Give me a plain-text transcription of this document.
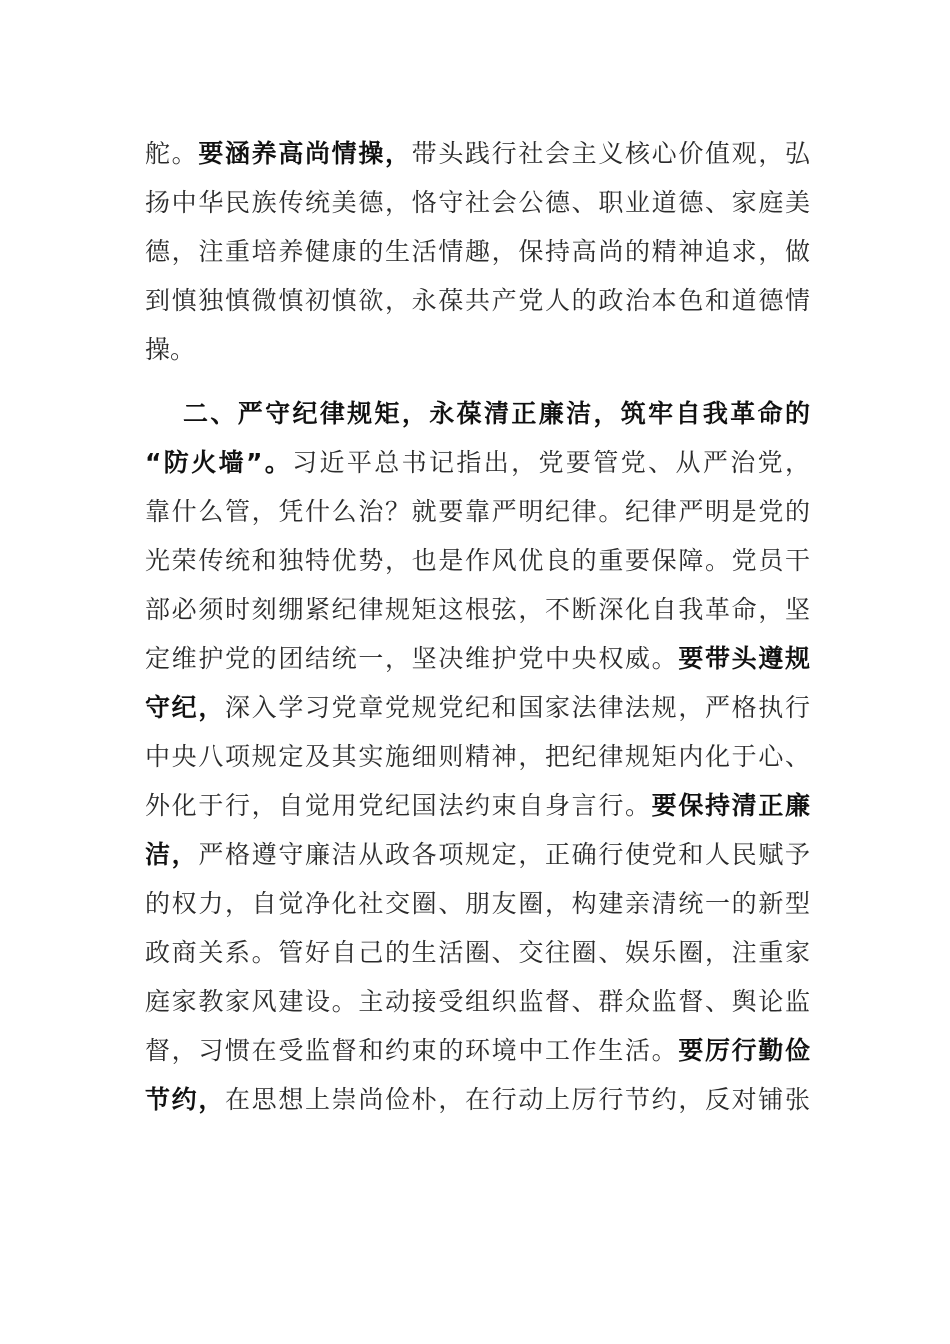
舵。要涵养高尚情操，带头践行社会主义核心价值观，弘
扬中华民族传统美德，恪守社会公德、职业道德、家庭美
德，注重培养健康的生活情趣，保持高尚的精神追求，做
到慎独慎微慎初慎欲，永葆共产党人的政治本色和道德情
操。
二、严守纪律规矩，永葆清正廉洁，筑牢自我革命的
“防火墙”。习近平总书记指出，党要管党、从严治党，
靠什么管，凭什么治？就要靠严明纪律。纪律严明是党的
光荣传统和独特优势，也是作风优良的重要保障。党员干
部必须时刻绷紧纪律规矩这根弦，不断深化自我革命，坚
定维护党的团结统一，坚决维护党中央权威。要带头遵规
守纪，深入学习党章党规党纪和国家法律法规，严格执行
中央八项规定及其实施细则精神，把纪律规矩内化于心、
外化于行，自觉用党纪国法约束自身言行。要保持清正廉
洁，严格遵守廉洁从政各项规定，正确行使党和人民赋予
的权力，自觉净化社交圈、朋友圈，构建亲清统一的新型
政商关系。管好自己的生活圈、交往圈、娱乐圈，注重家
庭家教家风建设。主动接受组织监督、群众监督、舆论监
督，习惯在受监督和约束的环境中工作生活。要厉行勤俭
节约，在思想上崇尚俭朴，在行动上厉行节约，反对铺张
